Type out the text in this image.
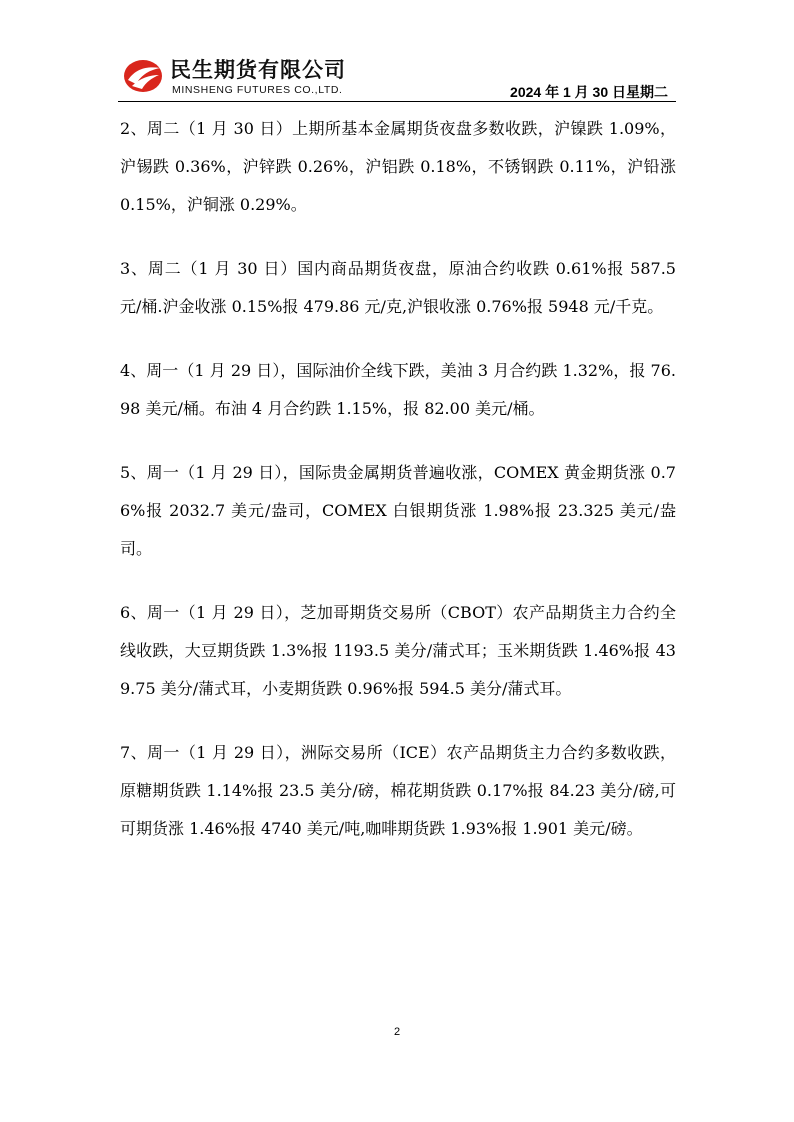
民生期货有限公司
MINSHENG FUTURES CO.,LTD.	2024 年 1 月 30 日星期二

2、周二（1 月 30 日）上期所基本金属期货夜盘多数收跌，沪镍跌 1.09%，沪锡跌 0.36%，沪锌跌 0.26%，沪铝跌 0.18%，不锈钢跌 0.11%，沪铅涨 0.15%，沪铜涨 0.29%。

3、周二（1 月 30 日）国内商品期货夜盘，原油合约收跌 0.61%报 587.5 元/桶.沪金收涨 0.15%报 479.86 元/克,沪银收涨 0.76%报 5948 元/千克。

4、周一（1 月 29 日），国际油价全线下跌，美油 3 月合约跌 1.32%，报 76.98 美元/桶。布油 4 月合约跌 1.15%，报 82.00 美元/桶。

5、周一（1 月 29 日），国际贵金属期货普遍收涨，COMEX 黄金期货涨 0.76%报 2032.7 美元/盎司，COMEX 白银期货涨 1.98%报 23.325 美元/盎司。

6、周一（1 月 29 日），芝加哥期货交易所（CBOT）农产品期货主力合约全线收跌，大豆期货跌 1.3%报 1193.5 美分/蒲式耳；玉米期货跌 1.46%报 439.75 美分/蒲式耳，小麦期货跌 0.96%报 594.5 美分/蒲式耳。

7、周一（1 月 29 日），洲际交易所（ICE）农产品期货主力合约多数收跌，原糖期货跌 1.14%报 23.5 美分/磅，棉花期货跌 0.17%报 84.23 美分/磅,可可期货涨 1.46%报 4740 美元/吨,咖啡期货跌 1.93%报 1.901 美元/磅。

2
